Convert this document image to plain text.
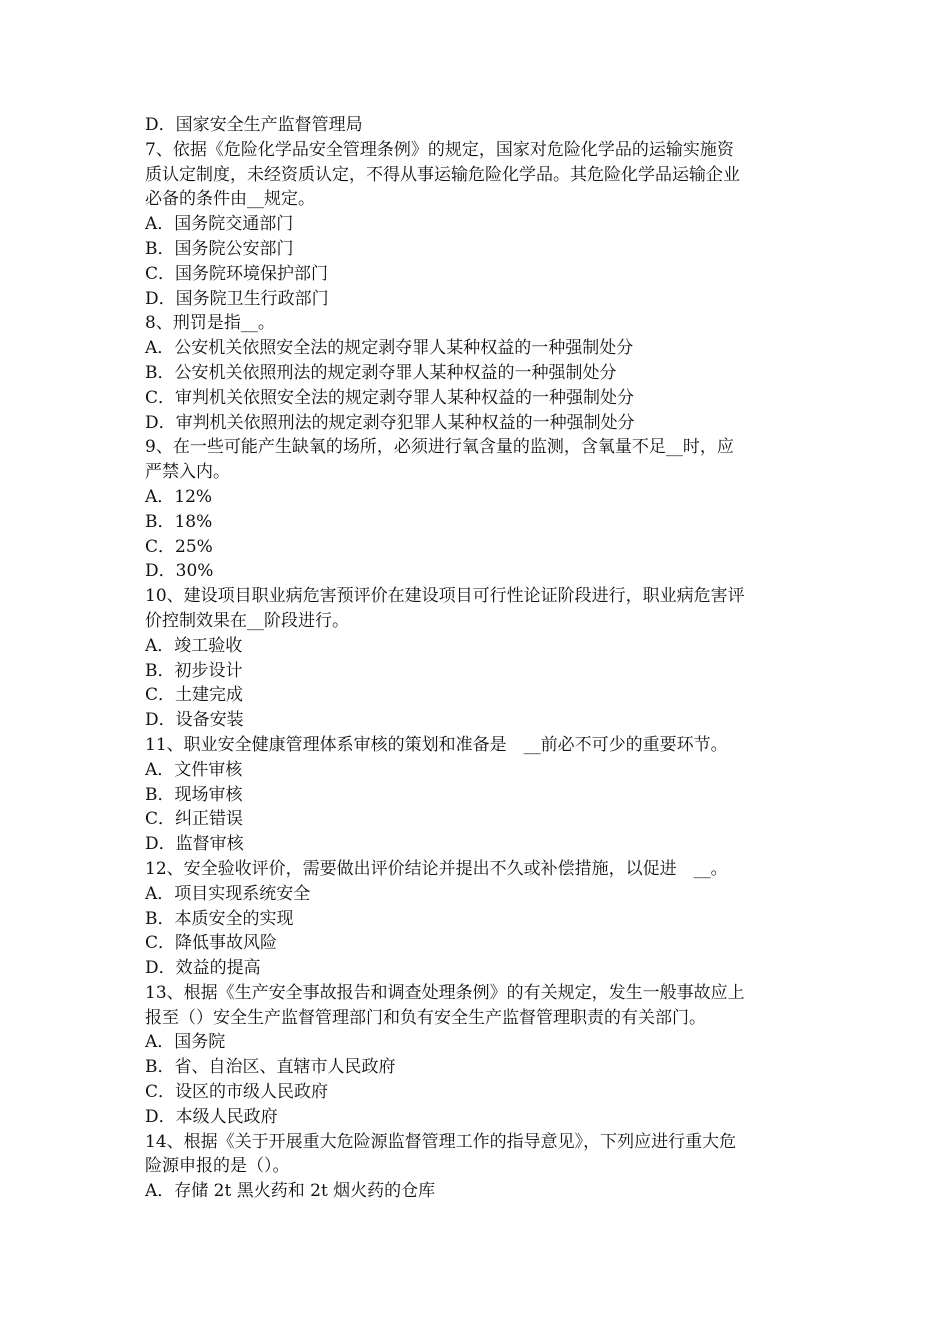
D．国家安全生产监督管理局
7、依据《危险化学品安全管理条例》的规定，国家对危险化学品的运输实施资
质认定制度，未经资质认定，不得从事运输危险化学品。其危险化学品运输企业
必备的条件由__规定。
A．国务院交通部门
B．国务院公安部门
C．国务院环境保护部门
D．国务院卫生行政部门
8、刑罚是指__。
A．公安机关依照安全法的规定剥夺罪人某种权益的一种强制处分
B．公安机关依照刑法的规定剥夺罪人某种权益的一种强制处分
C．审判机关依照安全法的规定剥夺罪人某种权益的一种强制处分
D．审判机关依照刑法的规定剥夺犯罪人某种权益的一种强制处分
9、在一些可能产生缺氧的场所，必须进行氧含量的监测，含氧量不足__时，应
严禁入内。
A．12%
B．18%
C．25%
D．30%
10、建设项目职业病危害预评价在建设项目可行性论证阶段进行，职业病危害评
价控制效果在__阶段进行。
A．竣工验收
B．初步设计
C．土建完成
D．设备安装
11、职业安全健康管理体系审核的策划和准备是　__前必不可少的重要环节。
A．文件审核
B．现场审核
C．纠正错误
D．监督审核
12、安全验收评价，需要做出评价结论并提出不久或补偿措施，以促进　__。
A．项目实现系统安全
B．本质安全的实现
C．降低事故风险
D．效益的提高
13、根据《生产安全事故报告和调查处理条例》的有关规定，发生一般事故应上
报至（）安全生产监督管理部门和负有安全生产监督管理职责的有关部门。
A．国务院
B．省、自治区、直辖市人民政府
C．设区的市级人民政府
D．本级人民政府
14、根据《关于开展重大危险源监督管理工作的指导意见》，下列应进行重大危
险源申报的是（）。
A．存储 2t 黑火药和 2t 烟火药的仓库
